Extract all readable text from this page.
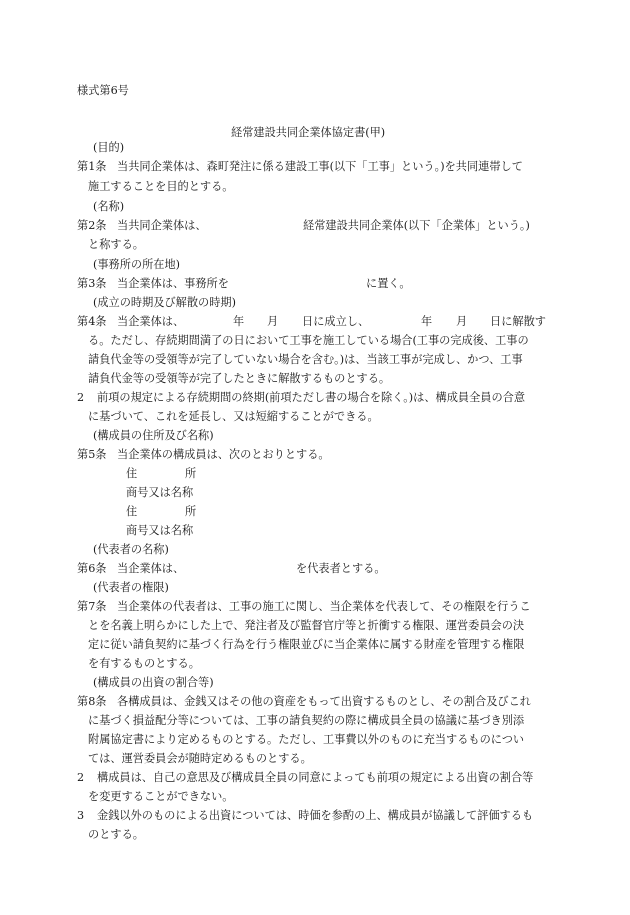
様式第6号
経常建設共同企業体協定書(甲)
(目的)
第1条 当共同企業体は、森町発注に係る建設工事(以下「工事」という。)を共同連帯して
施工することを目的とする。
(名称)
第2条 当共同企業体は、	経常建設共同企業体(以下「企業体」という。)
と称する。
(事務所の所在地)
第3条 当企業体は、事務所を	に置く。
(成立の時期及び解散の時期)
第4条 当企業体は、	年 月 日に成立し、	年 月 日に解散す
る。ただし、存続期間満了の日において工事を施工している場合(工事の完成後、工事の
請負代金等の受領等が完了していない場合を含む。)は、当該工事が完成し、かつ、工事
請負代金等の受領等が完了したときに解散するものとする。
2 前項の規定による存続期間の終期(前項ただし書の場合を除く。)は、構成員全員の合意
に基づいて、これを延長し、又は短縮することができる。
(構成員の住所及び名称)
第5条 当企業体の構成員は、次のとおりとする。
住	所
商号又は名称
住	所
商号又は名称
(代表者の名称)
第6条 当企業体は、	を代表者とする。
(代表者の権限)
第7条 当企業体の代表者は、工事の施工に関し、当企業体を代表して、その権限を行うこ
とを名義上明らかにした上で、発注者及び監督官庁等と折衝する権限、運営委員会の決
定に従い請負契約に基づく行為を行う権限並びに当企業体に属する財産を管理する権限
を有するものとする。
(構成員の出資の割合等)
第8条 各構成員は、金銭又はその他の資産をもって出資するものとし、その割合及びこれ
に基づく損益配分等については、工事の請負契約の際に構成員全員の協議に基づき別添
附属協定書により定めるものとする。ただし、工事費以外のものに充当するものについ
ては、運営委員会が随時定めるものとする。
2 構成員は、自己の意思及び構成員全員の同意によっても前項の規定による出資の割合等
を変更することができない。
3 金銭以外のものによる出資については、時価を参酌の上、構成員が協議して評価するも
のとする。
